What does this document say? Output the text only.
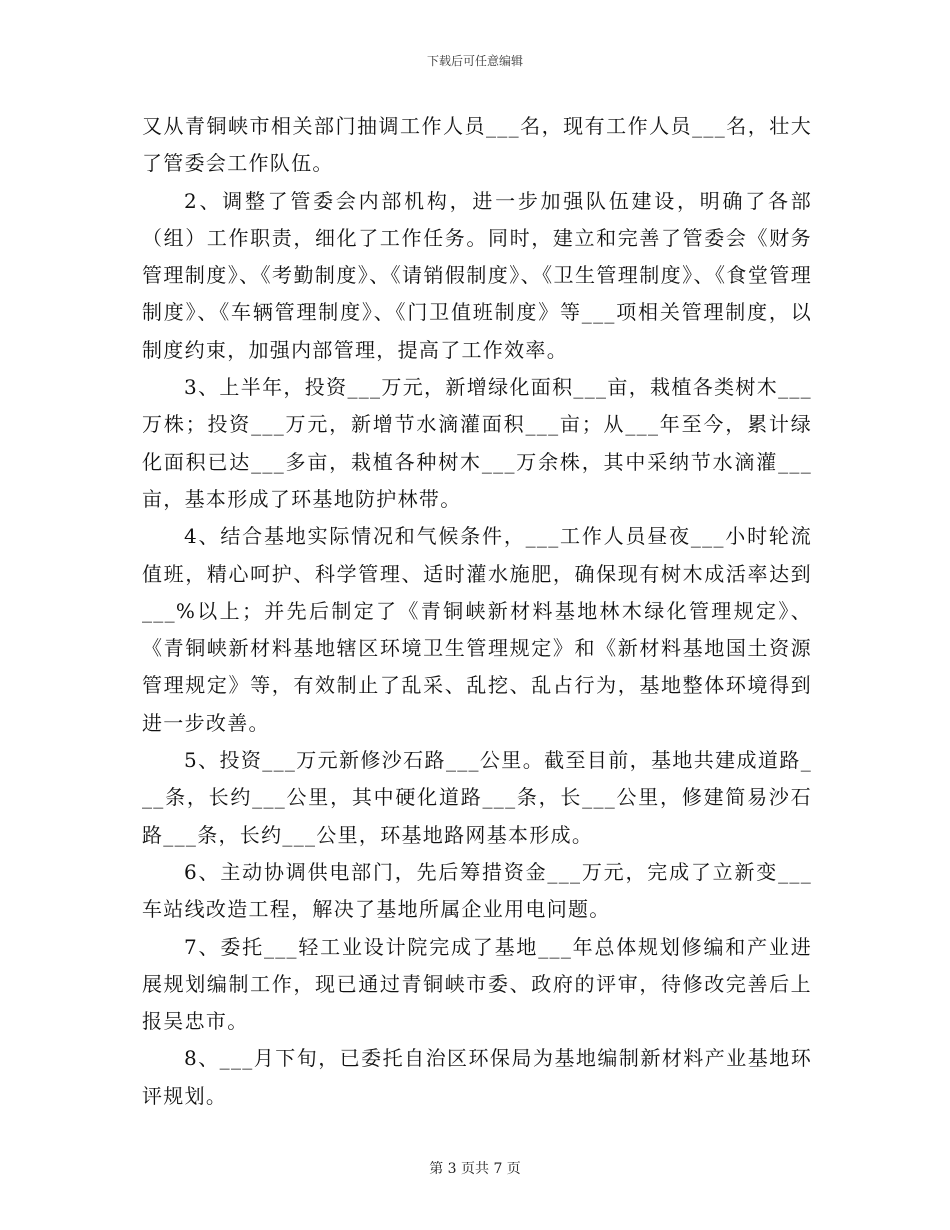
下载后可任意编辑

又从青铜峡市相关部门抽调工作人员___名，现有工作人员___名，壮大了管委会工作队伍。

2、调整了管委会内部机构，进一步加强队伍建设，明确了各部（组）工作职责，细化了工作任务。同时，建立和完善了管委会《财务管理制度》、《考勤制度》、《请销假制度》、《卫生管理制度》、《食堂管理制度》、《车辆管理制度》、《门卫值班制度》等___项相关管理制度，以制度约束，加强内部管理，提高了工作效率。

3、上半年，投资___万元，新增绿化面积___亩，栽植各类树木___万株；投资___万元，新增节水滴灌面积___亩；从___年至今，累计绿化面积已达___多亩，栽植各种树木___万余株，其中采纳节水滴灌___亩，基本形成了环基地防护林带。

4、结合基地实际情况和气候条件，___工作人员昼夜___小时轮流值班，精心呵护、科学管理、适时灌水施肥，确保现有树木成活率达到___%以上；并先后制定了《青铜峡新材料基地林木绿化管理规定》、《青铜峡新材料基地辖区环境卫生管理规定》和《新材料基地国土资源管理规定》等，有效制止了乱采、乱挖、乱占行为，基地整体环境得到进一步改善。

5、投资___万元新修沙石路___公里。截至目前，基地共建成道路___条，长约___公里，其中硬化道路___条，长___公里，修建简易沙石路___条，长约___公里，环基地路网基本形成。

6、主动协调供电部门，先后筹措资金___万元，完成了立新变___车站线改造工程，解决了基地所属企业用电问题。

7、委托___轻工业设计院完成了基地___年总体规划修编和产业进展规划编制工作，现已通过青铜峡市委、政府的评审，待修改完善后上报吴忠市。

8、___月下旬，已委托自治区环保局为基地编制新材料产业基地环评规划。

第 3 页共 7 页
